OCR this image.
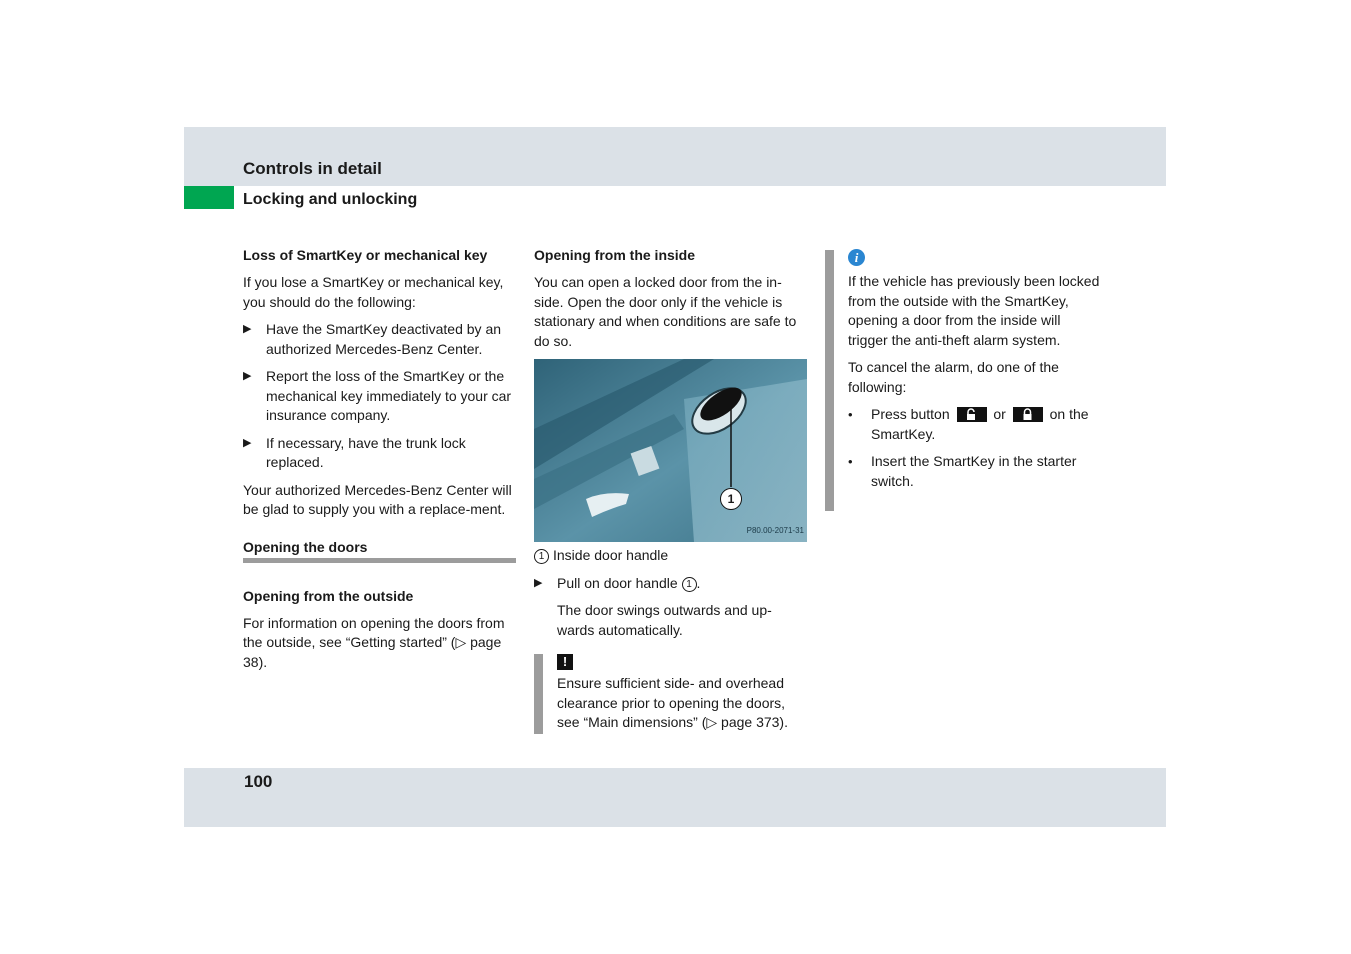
Controls in detail
Locking and unlocking
Loss of SmartKey or mechanical key

If you lose a SmartKey or mechanical key, you should do the following:

▶ Have the SmartKey deactivated by an authorized Mercedes-Benz Center.
▶ Report the loss of the SmartKey or the mechanical key immediately to your car insurance company.
▶ If necessary, have the trunk lock replaced.

Your authorized Mercedes-Benz Center will be glad to supply you with a replace-ment.

Opening the doors
Opening from the outside

For information on opening the doors from the outside, see “Getting started” (▷ page 38).

Opening from the inside

You can open a locked door from the in-side. Open the door only if the vehicle is stationary and when conditions are safe to do so.

1
P80.00-2071-31

1 Inside door handle

▶ Pull on door handle 1 .

The door swings outwards and up-wards automatically.

!
Ensure sufficient side- and overhead clearance prior to opening the doors, see “Main dimensions” (▷ page 373).
i

If the vehicle has previously been locked from the outside with the SmartKey, opening a door from the inside will trigger the anti-theft alarm system.

To cancel the alarm, do one of the following:

• Press button	or	on the SmartKey.
• Insert the SmartKey in the starter switch.
100
